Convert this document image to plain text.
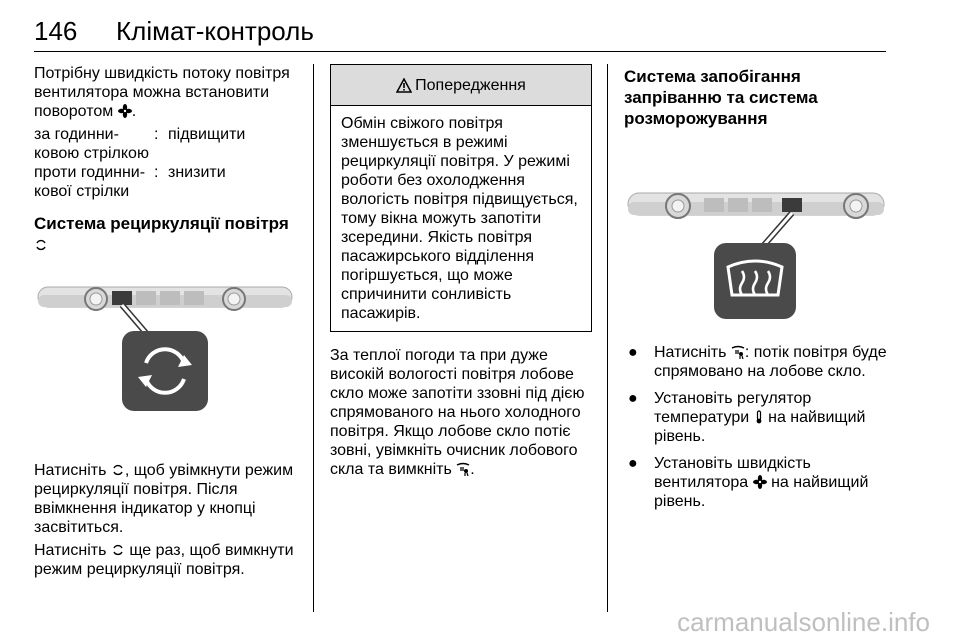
146 Клімат-контроль

Потрібну швидкість потоку повітря вентилятора можна встановити поворотом .

за годинниковою стрілкою
: підвищити
проти годинникової стрілки
: знизити
Система рециркуляції повітря

Натисніть , щоб увімкнути режим рециркуляції повітря. Після ввімкнення індикатор у кнопці засвітиться.

Натисніть  ще раз, щоб вимкнути режим рециркуляції повітря.

Попередження
Обмін свіжого повітря зменшується в режимі рециркуляції повітря. У режимі роботи без охолодження вологість повітря підвищується, тому вікна можуть запотіти зсередини. Якість повітря пасажирського відділення погіршується, що може спричинити сонливість пасажирів.

За теплої погоди та при дуже високій вологості повітря лобове скло може запотіти ззовні під дією спрямованого на нього холодного повітря. Якщо лобове скло потіє зовні, увімкніть очисник лобового скла та вимкніть .

Система запобігання запріванню та система розморожування
● Натисніть : потік повітря буде спрямовано на лобове скло.
● Установіть регулятор температури  на найвищий рівень.
● Установіть швидкість вентилятора  на найвищий рівень.
carmanualsonline.info
